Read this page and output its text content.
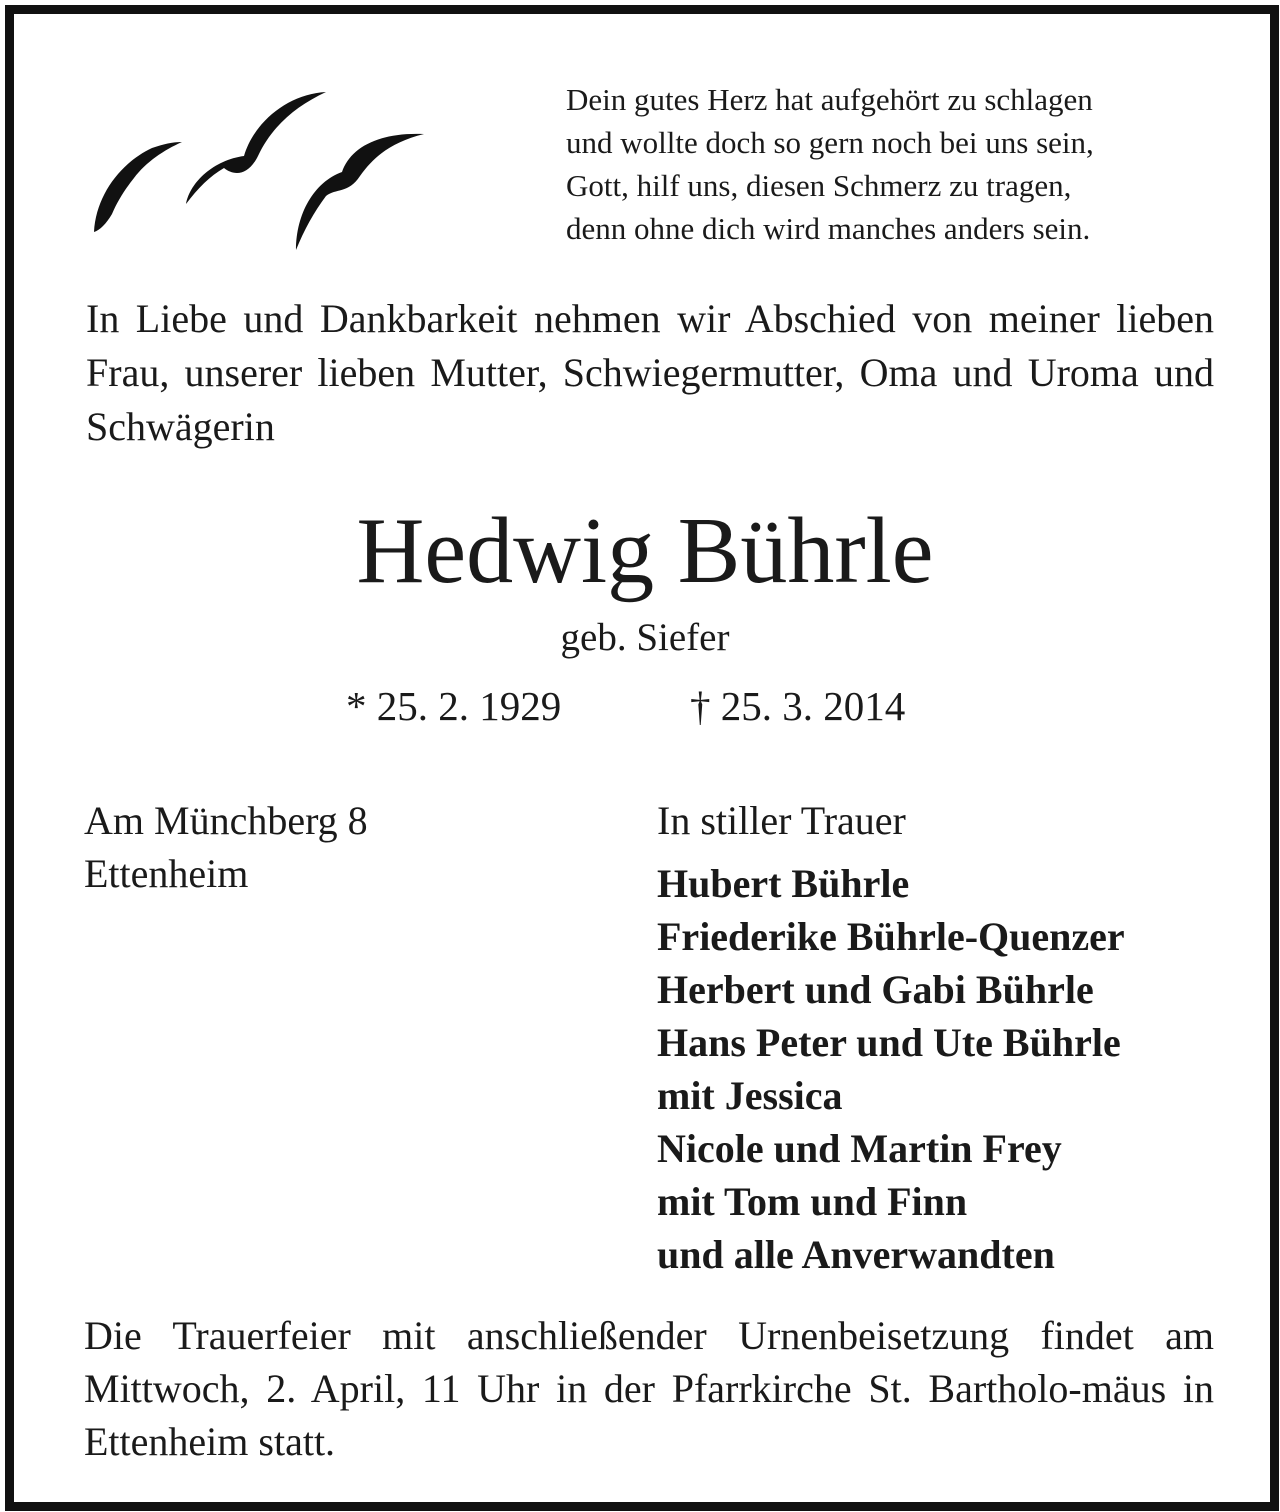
Dein gutes Herz hat aufgehört zu schlagen
und wollte doch so gern noch bei uns sein,
Gott, hilf uns, diesen Schmerz zu tragen,
denn ohne dich wird manches anders sein.
In Liebe und Dankbarkeit nehmen wir Abschied von meiner lieben Frau, unserer lieben Mutter, Schwiegermutter, Oma und Uroma und Schwägerin
Hedwig Bührle
geb. Siefer
* 25. 2. 1929	† 25. 3. 2014
Am Münchberg 8
Ettenheim
In stiller Trauer
Hubert Bührle
Friederike Bührle-Quenzer
Herbert und Gabi Bührle
Hans Peter und Ute Bührle
mit Jessica
Nicole und Martin Frey
mit Tom und Finn
und alle Anverwandten
Die Trauerfeier mit anschließender Urnenbeisetzung findet am Mittwoch, 2. April, 11 Uhr in der Pfarrkirche St. Bartholo-mäus in Ettenheim statt.
